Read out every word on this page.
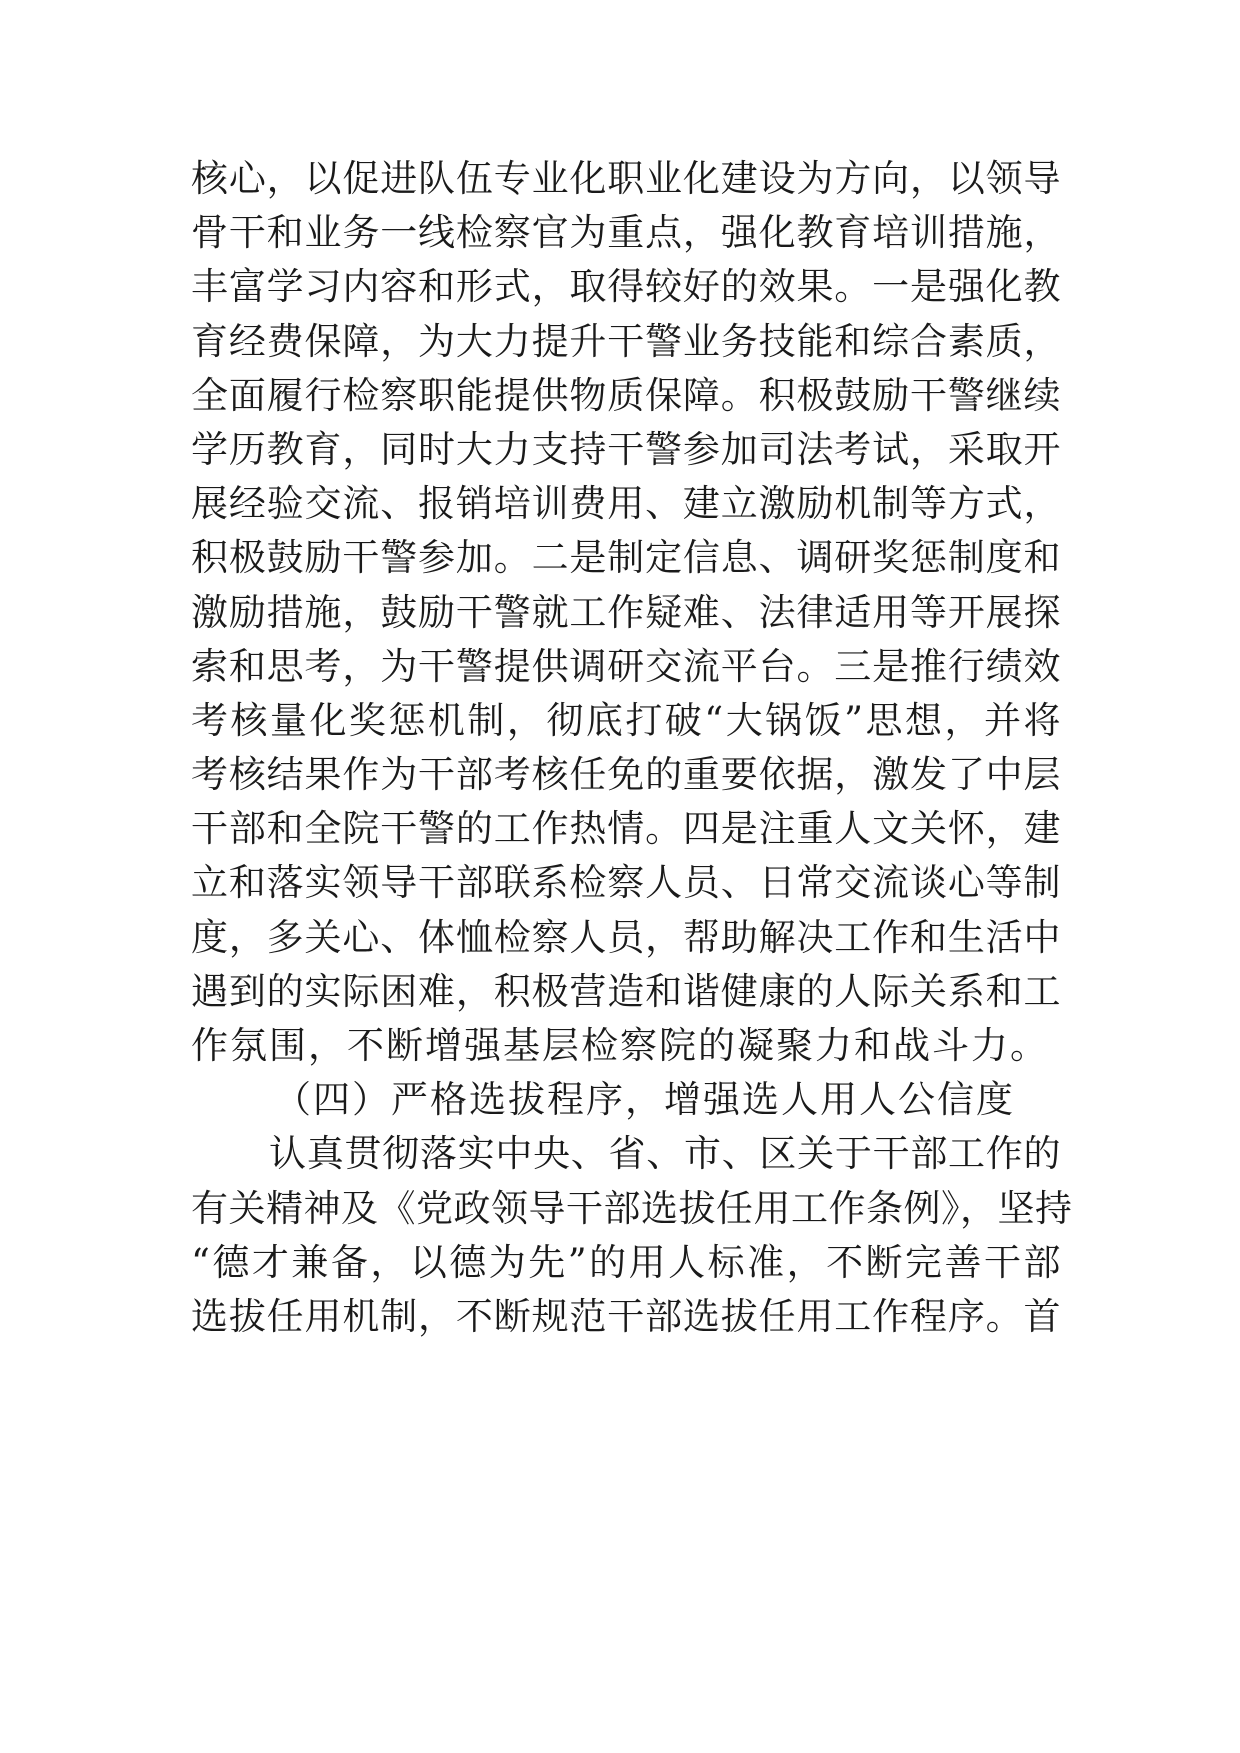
核心，以促进队伍专业化职业化建设为方向，以领导
骨干和业务一线检察官为重点，强化教育培训措施，
丰富学习内容和形式，取得较好的效果。一是强化教
育经费保障，为大力提升干警业务技能和综合素质，
全面履行检察职能提供物质保障。积极鼓励干警继续
学历教育，同时大力支持干警参加司法考试，采取开
展经验交流、报销培训费用、建立激励机制等方式，
积极鼓励干警参加。二是制定信息、调研奖惩制度和
激励措施，鼓励干警就工作疑难、法律适用等开展探
索和思考，为干警提供调研交流平台。三是推行绩效
考核量化奖惩机制，彻底打破“大锅饭”思想，并将
考核结果作为干部考核任免的重要依据，激发了中层
干部和全院干警的工作热情。四是注重人文关怀，建
立和落实领导干部联系检察人员、日常交流谈心等制
度，多关心、体恤检察人员，帮助解决工作和生活中
遇到的实际困难，积极营造和谐健康的人际关系和工
作氛围，不断增强基层检察院的凝聚力和战斗力。
（四）严格选拔程序，增强选人用人公信度
认真贯彻落实中央、省、市、区关于干部工作的
有关精神及《党政领导干部选拔任用工作条例》，坚持
“德才兼备，以德为先”的用人标准，不断完善干部
选拔任用机制，不断规范干部选拔任用工作程序。首
